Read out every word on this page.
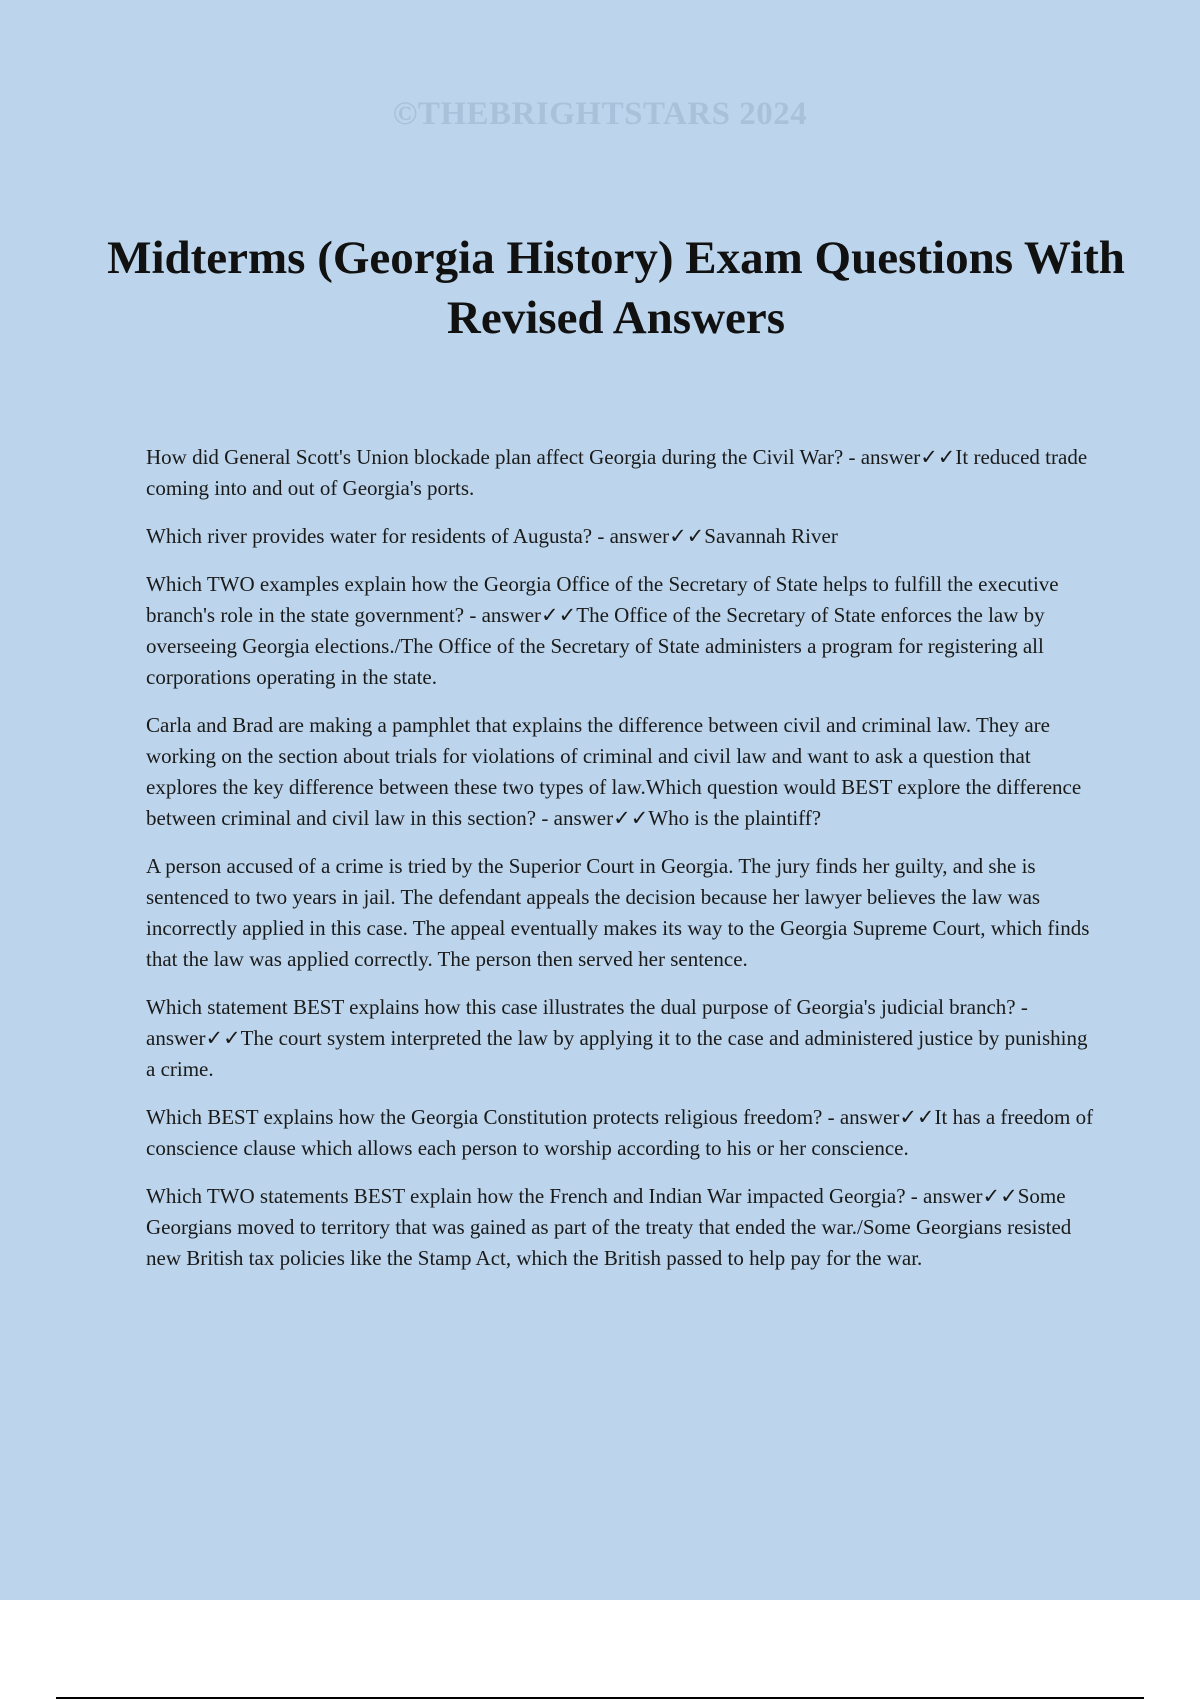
©THEBRIGHTSTARS 2024
Midterms (Georgia History) Exam Questions With Revised Answers

How did General Scott's Union blockade plan affect Georgia during the Civil War? - answer✓✓It reduced trade coming into and out of Georgia's ports.

Which river provides water for residents of Augusta? - answer✓✓Savannah River

Which TWO examples explain how the Georgia Office of the Secretary of State helps to fulfill the executive branch's role in the state government? - answer✓✓The Office of the Secretary of State enforces the law by overseeing Georgia elections./The Office of the Secretary of State administers a program for registering all corporations operating in the state.

Carla and Brad are making a pamphlet that explains the difference between civil and criminal law. They are working on the section about trials for violations of criminal and civil law and want to ask a question that explores the key difference between these two types of law.Which question would BEST explore the difference between criminal and civil law in this section? - answer✓✓Who is the plaintiff?

A person accused of a crime is tried by the Superior Court in Georgia. The jury finds her guilty, and she is sentenced to two years in jail. The defendant appeals the decision because her lawyer believes the law was incorrectly applied in this case. The appeal eventually makes its way to the Georgia Supreme Court, which finds that the law was applied correctly. The person then served her sentence.

Which statement BEST explains how this case illustrates the dual purpose of Georgia's judicial branch? - answer✓✓The court system interpreted the law by applying it to the case and administered justice by punishing a crime.

Which BEST explains how the Georgia Constitution protects religious freedom? - answer✓✓It has a freedom of conscience clause which allows each person to worship according to his or her conscience.

Which TWO statements BEST explain how the French and Indian War impacted Georgia? - answer✓✓Some Georgians moved to territory that was gained as part of the treaty that ended the war./Some Georgians resisted new British tax policies like the Stamp Act, which the British passed to help pay for the war.
